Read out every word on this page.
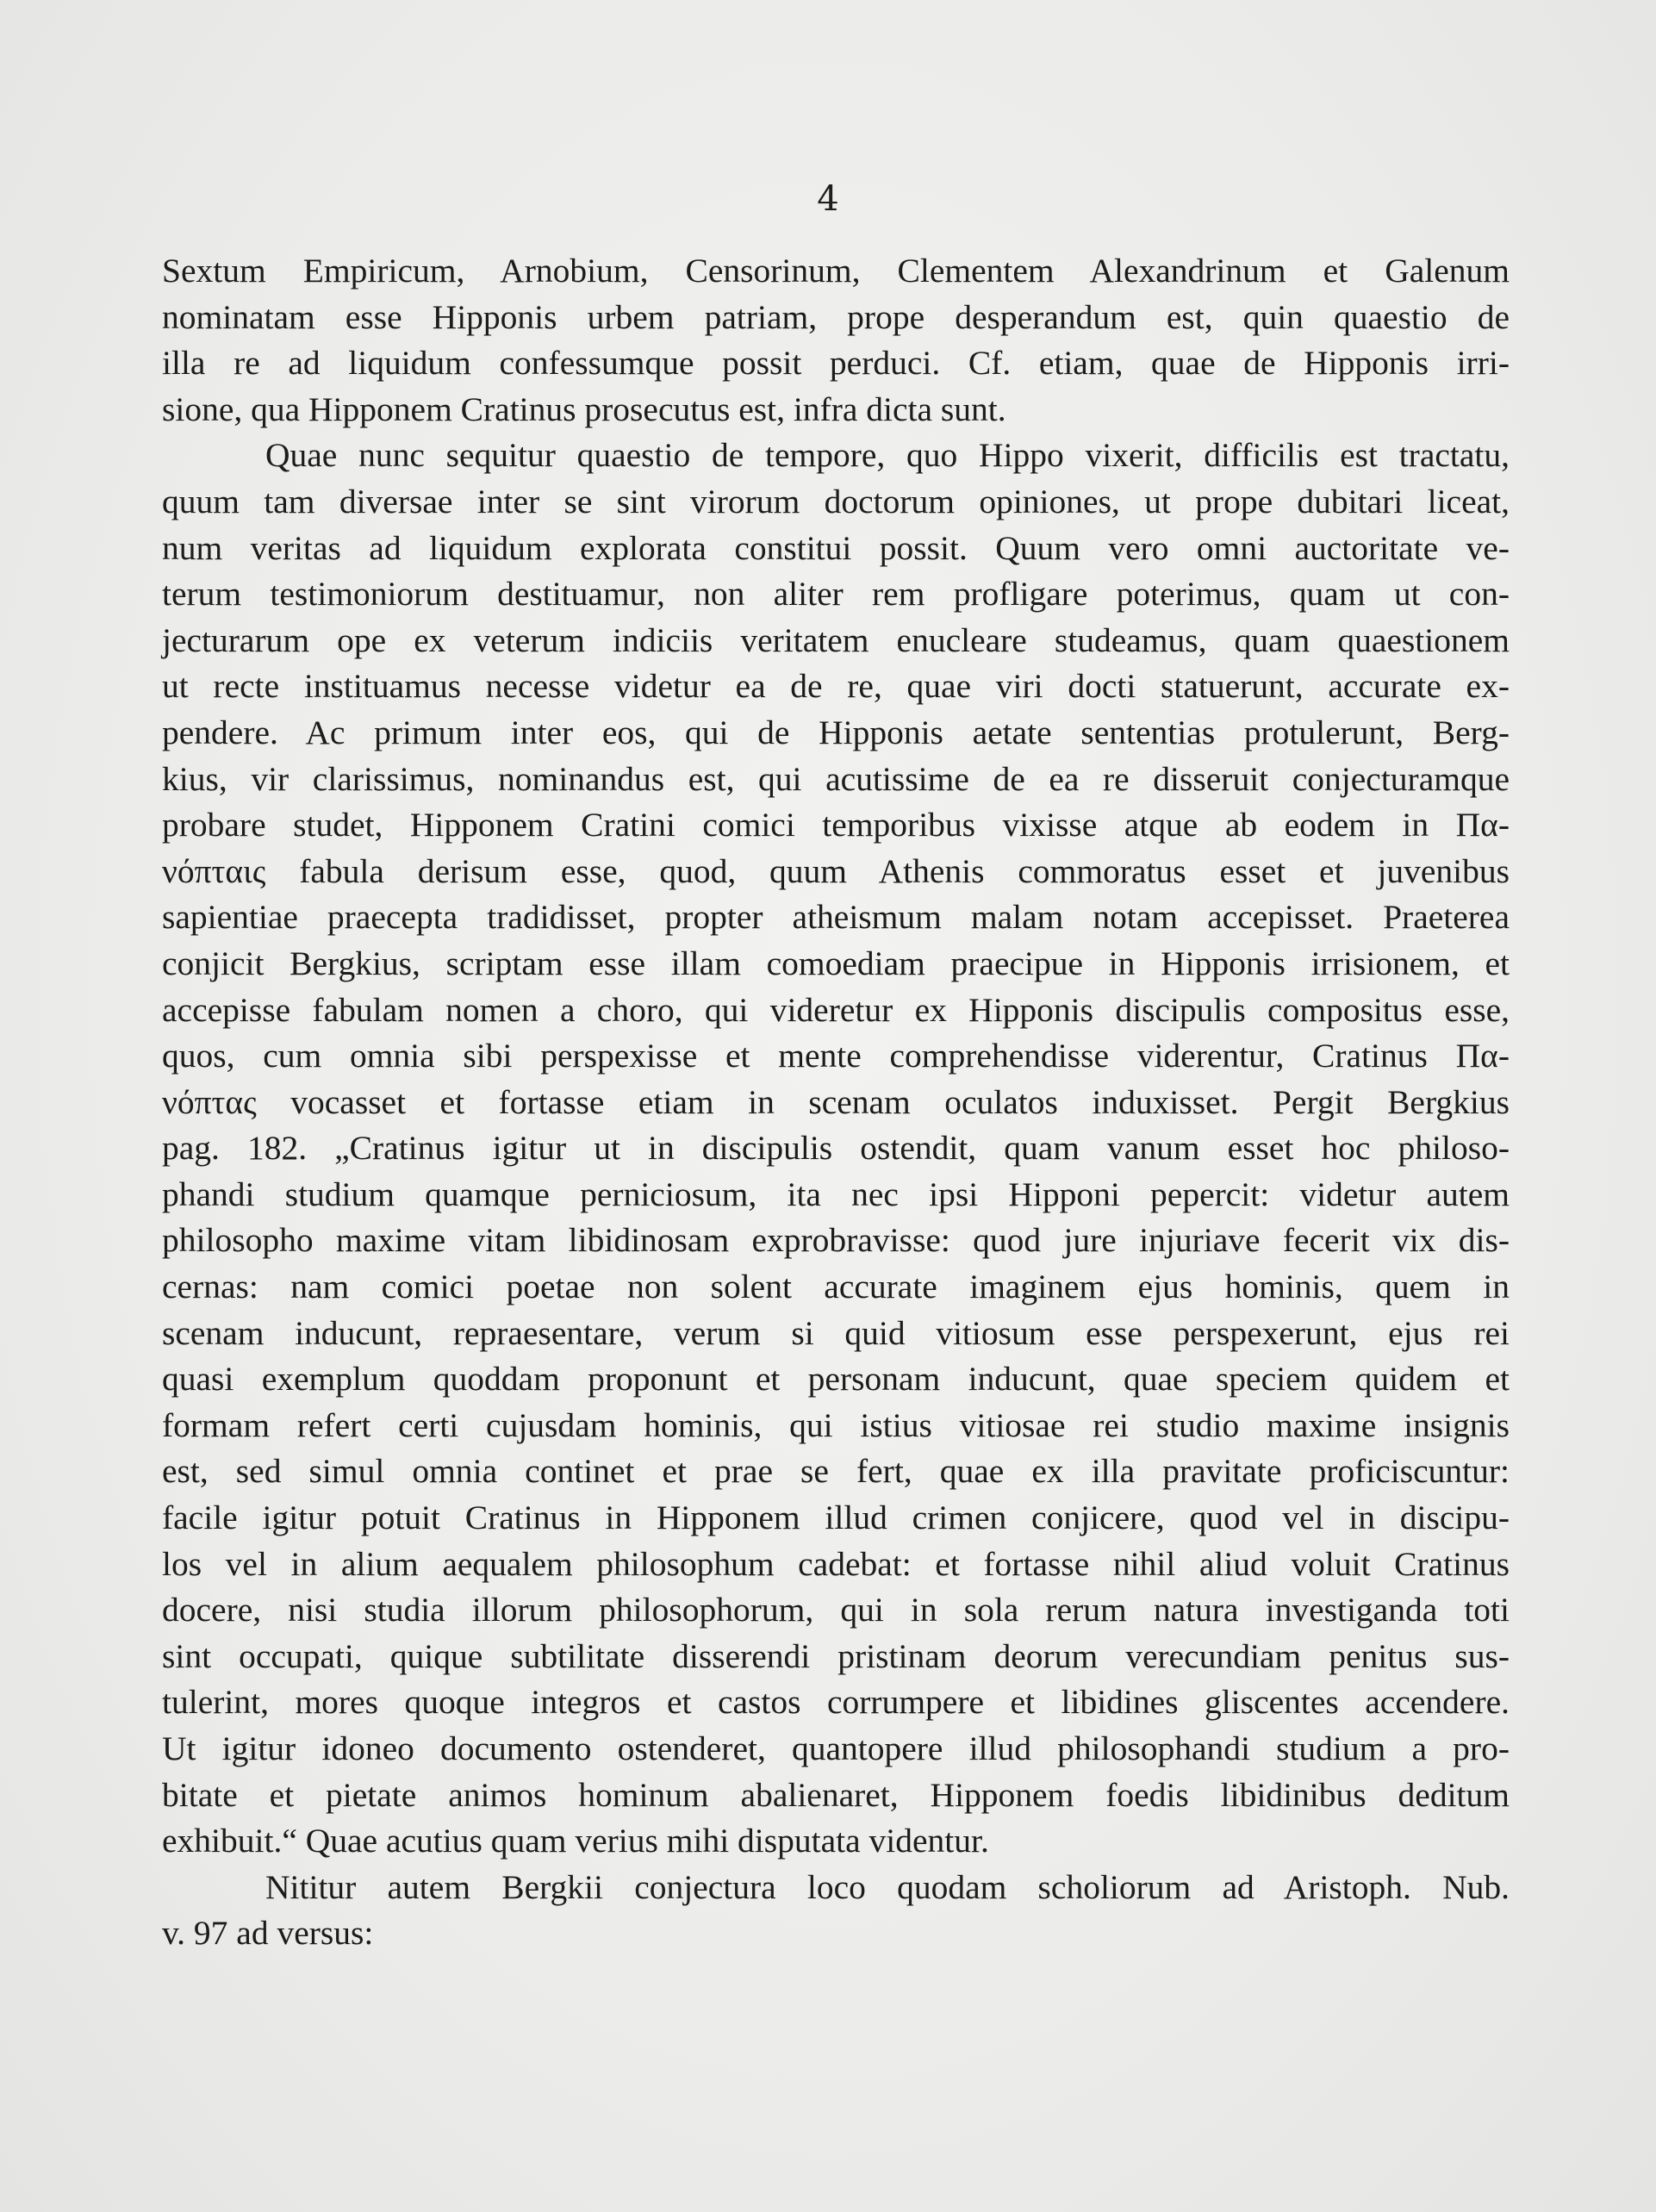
4
Sextum Empiricum, Arnobium, Censorinum, Clementem Alexandrinum et Galenum
nominatam esse Hipponis urbem patriam, prope desperandum est, quin quaestio de
illa re ad liquidum confessumque possit perduci. Cf. etiam, quae de Hipponis irri-
sione, qua Hipponem Cratinus prosecutus est, infra dicta sunt.
Quae nunc sequitur quaestio de tempore, quo Hippo vixerit, difficilis est tractatu,
quum tam diversae inter se sint virorum doctorum opiniones, ut prope dubitari liceat,
num veritas ad liquidum explorata constitui possit. Quum vero omni auctoritate ve-
terum testimoniorum destituamur, non aliter rem profligare poterimus, quam ut con-
jecturarum ope ex veterum indiciis veritatem enucleare studeamus, quam quaestionem
ut recte instituamus necesse videtur ea de re, quae viri docti statuerunt, accurate ex-
pendere. Ac primum inter eos, qui de Hipponis aetate sententias protulerunt, Berg-
kius, vir clarissimus, nominandus est, qui acutissime de ea re disseruit conjecturamque
probare studet, Hipponem Cratini comici temporibus vixisse atque ab eodem in Πα-
νόπταις fabula derisum esse, quod, quum Athenis commoratus esset et juvenibus
sapientiae praecepta tradidisset, propter atheismum malam notam accepisset. Praeterea
conjicit Bergkius, scriptam esse illam comoediam praecipue in Hipponis irrisionem, et
accepisse fabulam nomen a choro, qui videretur ex Hipponis discipulis compositus esse,
quos, cum omnia sibi perspexisse et mente comprehendisse viderentur, Cratinus Πα-
νόπτας vocasset et fortasse etiam in scenam oculatos induxisset. Pergit Bergkius
pag. 182. „Cratinus igitur ut in discipulis ostendit, quam vanum esset hoc philoso-
phandi studium quamque perniciosum, ita nec ipsi Hipponi pepercit: videtur autem
philosopho maxime vitam libidinosam exprobravisse: quod jure injuriave fecerit vix dis-
cernas: nam comici poetae non solent accurate imaginem ejus hominis, quem in
scenam inducunt, repraesentare, verum si quid vitiosum esse perspexerunt, ejus rei
quasi exemplum quoddam proponunt et personam inducunt, quae speciem quidem et
formam refert certi cujusdam hominis, qui istius vitiosae rei studio maxime insignis
est, sed simul omnia continet et prae se fert, quae ex illa pravitate proficiscuntur:
facile igitur potuit Cratinus in Hipponem illud crimen conjicere, quod vel in discipu-
los vel in alium aequalem philosophum cadebat: et fortasse nihil aliud voluit Cratinus
docere, nisi studia illorum philosophorum, qui in sola rerum natura investiganda toti
sint occupati, quique subtilitate disserendi pristinam deorum verecundiam penitus sus-
tulerint, mores quoque integros et castos corrumpere et libidines gliscentes accendere.
Ut igitur idoneo documento ostenderet, quantopere illud philosophandi studium a pro-
bitate et pietate animos hominum abalienaret, Hipponem foedis libidinibus deditum
exhibuit.“ Quae acutius quam verius mihi disputata videntur.
Nititur autem Bergkii conjectura loco quodam scholiorum ad Aristoph. Nub.
v. 97 ad versus:
